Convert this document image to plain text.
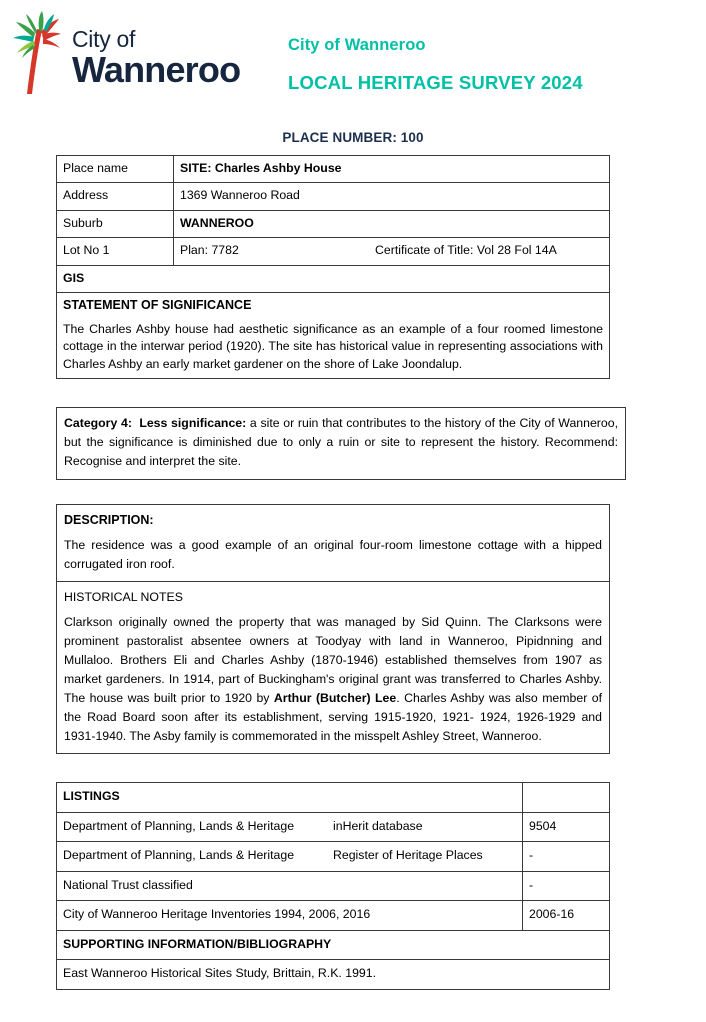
City of
Wanneroo
City of Wanneroo
LOCAL HERITAGE SURVEY 2024
PLACE NUMBER: 100
Place name	SITE: Charles Ashby House
Address	1369 Wanneroo Road
Suburb	WANNEROO
Lot No 1	Plan: 7782 Certificate of Title: Vol 28 Fol 14A

GIS	

STATEMENT OF SIGNIFICANCE

The Charles Ashby house had aesthetic significance as an example of a four roomed limestone cottage in the interwar period (1920). The site has historical value in representing associations with Charles Ashby an early market gardener on the shore of Lake Joondalup.	

Category 4: Less significance: a site or ruin that contributes to the history of the City of Wanneroo, but the significance is diminished due to only a ruin or site to represent the history. Recommend: Recognise and interpret the site.
DESCRIPTION:

The residence was a good example of an original four-room limestone cottage with a hipped corrugated iron roof.

HISTORICAL NOTES

Clarkson originally owned the property that was managed by Sid Quinn. The Clarksons were prominent pastoralist absentee owners at Toodyay with land in Wanneroo, Pipidnning and Mullaloo. Brothers Eli and Charles Ashby (1870-1946) established themselves from 1907 as market gardeners. In 1914, part of Buckingham's original grant was transferred to Charles Ashby. The house was built prior to 1920 by Arthur (Butcher) Lee. Charles Ashby was also member of the Road Board soon after its establishment, serving 1915-1920, 1921- 1924, 1926-1929 and 1931-1940. The Asby family is commemorated in the misspelt Ashley Street, Wanneroo.

LISTINGS	

Department of Planning, Lands & Heritage inHerit database	9504

Department of Planning, Lands & Heritage Register of Heritage Places	-
National Trust classified	-
City of Wanneroo Heritage Inventories 1994, 2006, 2016	2006-16
SUPPORTING INFORMATION/BIBLIOGRAPHY	
East Wanneroo Historical Sites Study, Brittain, R.K. 1991.	
